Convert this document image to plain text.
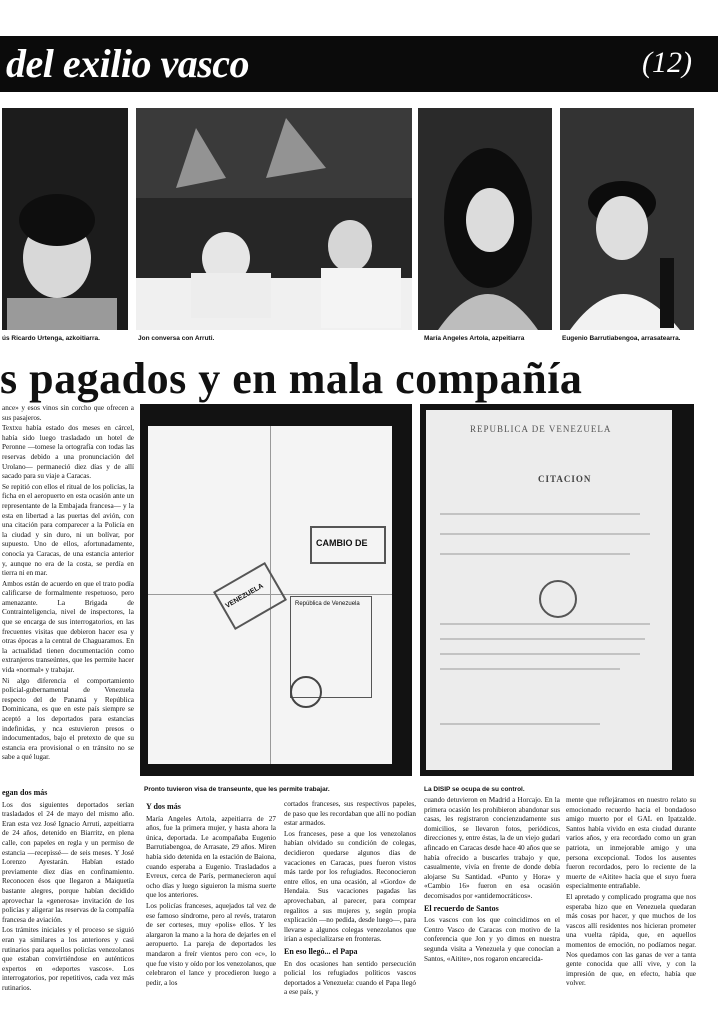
del exilio vasco	(12)
ús Ricardo Urtenga, azkoitiarra.	Jon conversa con Arruti.	María Angeles Artola, azpeitiarra	Eugenio Barrutiabengoa, arrasatearra.
s pagados y en mala compañía

ance» y esos vinos sin corcho que ofrecen a sus pasajeros.

Textxu había estado dos meses en cárcel, había sido luego trasladado un hotel de Peronne —tomese la ortografía con todas las reservas debido a una pronunciación del Urolano— permaneció diez días y de allí sacado para su viaje a Caracas.

Se repitió con ellos el ritual de los policías, la ficha en el aeropuerto en esta ocasión ante un representante de la Embajada francesa— y la esta en libertad a las puertas del avión, con una citación para comparecer a la Policía en la ciudad y sin duro, ni un bolívar, por supuesto. Uno de ellos, afortunadamente, conocía ya Caracas, de una estancia anterior y, aunque no era de la costa, se perdía en tierra ni en mar.

Ambos están de acuerdo en que el trato podía calificarse de formalmente respetuoso, pero amenazante. La Brigada de Contrainteligencia, nivel de inspectores, la que se encarga de sus interrogatorios, en las frecuentes visitas que debieron hacer esa y otras épocas a la central de Chaguaramos. En la actualidad tienen documentación como extranjeros transeúntes, que les permite hacer vida «normal» y trabajar.

Ni algo diferencia el comportamiento policial-gubernamental de Venezuela respecto del de Panamá y República Dominicana, es que en este país siempre se aceptó a los deportados para estancias indefinidas, y nca estuvieron presos o indocumentados, bajo el pretexto de que su estancia era provisional o en tránsito no se sabe a qué lugar.

CAMBIO DE
VENEZUELA	República de Venezuela
Pronto tuvieron visa de transeunte, que les permite trabajar.
REPUBLICA DE VENEZUELA
CITACION
La DISIP se ocupa de su control.
egan dos más

Los dos siguientes deportados serían trasladados el 24 de mayo del mismo año. Eran esta vez José Ignacio Arruti, azpeitiarra de 24 años, detenido en Biarritz, en plena calle, con papeles en regla y un permiso de estancia —recepissé— de seis meses. Y José Lorenzo Ayestarán. Habían estado previamente diez días en confinamiento. Reconocen ésos que llegaron a Maiquetía bastante alegres, porque habían decidido aprovechar la «generosa» invitación de los policías y aligerar las reservas de la compañía francesa de aviación.

Los trámites iniciales y el proceso se siguió eran ya similares a los anteriores y casi rutinarios para aquellos policías venezolanos que estaban convirtiéndose en auténticos expertos en «deportes vascos». Los interrogatorios, por repetitivos, cada vez más rutinarios.

Y dos más

María Angeles Artola, azpeitiarra de 27 años, fue la primera mujer, y hasta ahora la única, deportada. Le acompañaba Eugenio Barrutiabengoa, de Arrasate, 29 años. Miren había sido detenida en la estación de Baiona, cuando esperaba a Eugenio. Trasladados a Evreux, cerca de París, permanecieron aquí ocho días y luego siguieron la misma suerte que los anteriores.

Los policías franceses, aquejados tal vez de ese famoso síndrome, pero al revés, trataron de ser corteses, muy «polis» ellos. Y les alargaron la mano a la hora de dejarles en el aeropuerto. La pareja de deportados les mandaron a freír vientos pero con «c», lo que fue visto y oído por los venezolanos, que celebraron el lance y procedieron luego a pedir, a los

cortados franceses, sus respectivos papeles, de paso que les recordaban que allí no podían estar armados.

Los franceses, pese a que los venezolanos habían olvidado su condición de colegas, decidieron quedarse algunos días de vacaciones en Caracas, pues fueron vistos más tarde por los refugiados. Reconocieron entre ellos, en una ocasión, al «Gordo» de Hendaia. Sus vacaciones pagadas las aprovechaban, al parecer, para comprar regalitos a sus mujeres y, según propia explicación —no pedida, desde luego—, para llevarse a algunos colegas venezolanos que irían a especializarse en fronteras.

En eso llegó... el Papa

En dos ocasiones han sentido persecución policial los refugiados políticos vascos deportados a Venezuela: cuando el Papa llegó a ese país, y

cuando detuvieron en Madrid a Horcajo. En la primera ocasión les prohibieron abandonar sus casas, les registraron concienzudamente sus domicilios, se llevaron fotos, periódicos, direcciones y, entre éstas, la de un viejo gudari afincado en Caracas desde hace 40 años que se había ofrecido a buscarles trabajo y que, casualmente, vivía en frente de donde debía alojarse Su Santidad. «Punto y Hora» y «Cambio 16» fueron en esa ocasión decomisados por «antidemocráticos».

El recuerdo de Santos

Los vascos con los que coincidimos en el Centro Vasco de Caracas con motivo de la conferencia que Jon y yo dimos en nuestra segunda visita a Venezuela y que conocían a Santos, «Aitite», nos rogaron encarecida-

mente que reflejáramos en nuestro relato su emocionado recuerdo hacia el bondadoso amigo muerto por el GAL en Ipatzalde. Santos había vivido en esta ciudad durante varios años, y era recordado como un gran patriota, un inmejorable amigo y una persona excepcional. Todos los ausentes fueron recordados, pero lo reciente de la muerte de «Aitite» hacía que el suyo fuera especialmente entrañable.

El apretado y complicado programa que nos esperaba hizo que en Venezuela quedaran más cosas por hacer, y que muchos de los vascos allí residentes nos hicieran prometer una vuelta rápida, que, en aquellos momentos de emoción, no podíamos negar. Nos quedamos con las ganas de ver a tanta gente conocida que allí vive, y con la impresión de que, en efecto, había que volver.
